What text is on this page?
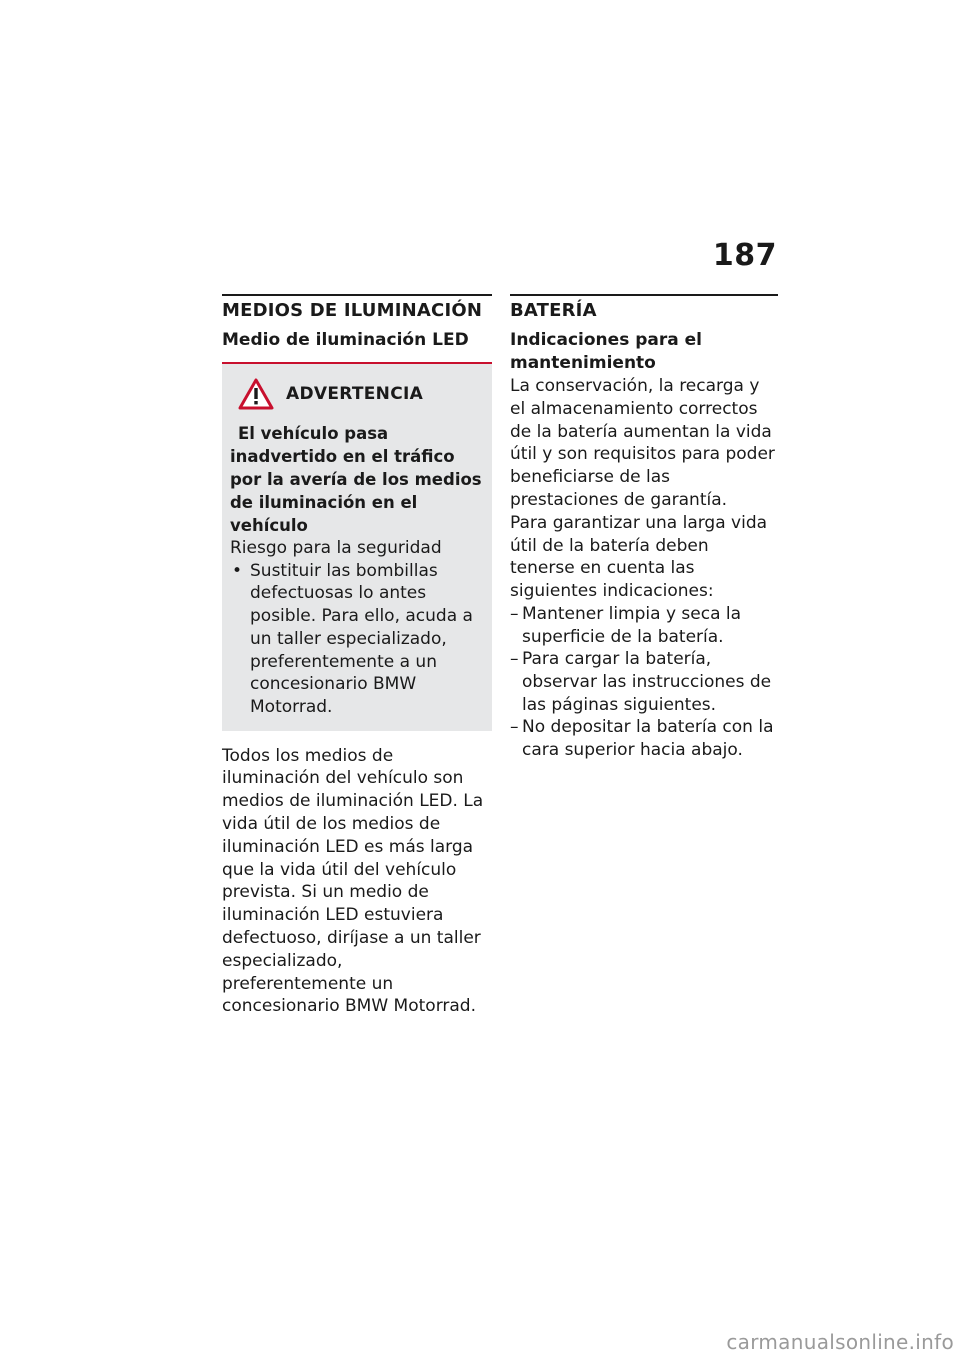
187
MEDIOS DE ILUMINACIÓN
Medio de iluminación LED
ADVERTENCIA

El vehículo pasa inadvertido en el tráfico por la avería de los medios de iluminación en el vehículo

Riesgo para la seguridad

• Sustituir las bombillas defectuosas lo antes posible. Para ello, acuda a un taller especializado, preferentemente a un concesionario BMW Motorrad.

Todos los medios de iluminación del vehículo son medios de iluminación LED. La vida útil de los medios de iluminación LED es más larga que la vida útil del vehículo prevista. Si un medio de iluminación LED estuviera defectuoso, diríjase a un taller especializado, preferentemente un concesionario BMW Motorrad.

BATERÍA
Indicaciones para el mantenimiento

La conservación, la recarga y el almacenamiento correctos de la batería aumentan la vida útil y son requisitos para poder beneficiarse de las prestaciones de garantía.

Para garantizar una larga vida útil de la batería deben tenerse en cuenta las siguientes indicaciones:

– Mantener limpia y seca la superficie de la batería.
– Para cargar la batería, observar las instrucciones de las páginas siguientes.
– No depositar la batería con la cara superior hacia abajo.
carmanualsonline.info
